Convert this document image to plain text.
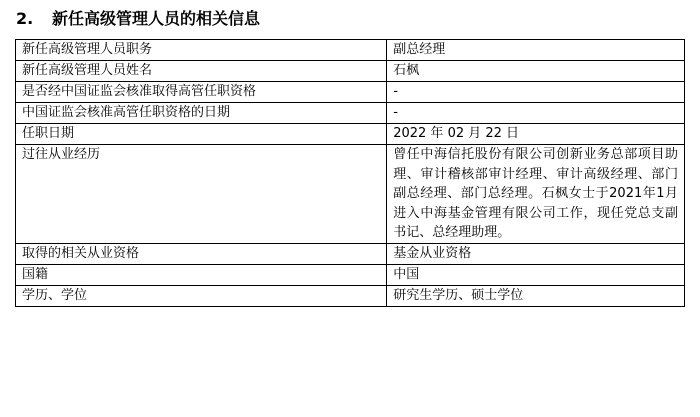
2. 新任高级管理人员的相关信息
新任高级管理人员职务	副总经理
新任高级管理人员姓名	石枫
是否经中国证监会核准取得高管任职资格	-
中国证监会核准高管任职资格的日期	-
任职日期	2022 年 02 月 22 日
过往从业经历	曾任中海信托股份有限公司创新业务总部项目助理、审计稽核部审计经理、审计高级经理、部门副总经理、部门总经理。石枫女士于2021年1月进入中海基金管理有限公司工作，现任党总支副书记、总经理助理。
取得的相关从业资格	基金从业资格
国籍	中国
学历、学位	研究生学历、硕士学位
